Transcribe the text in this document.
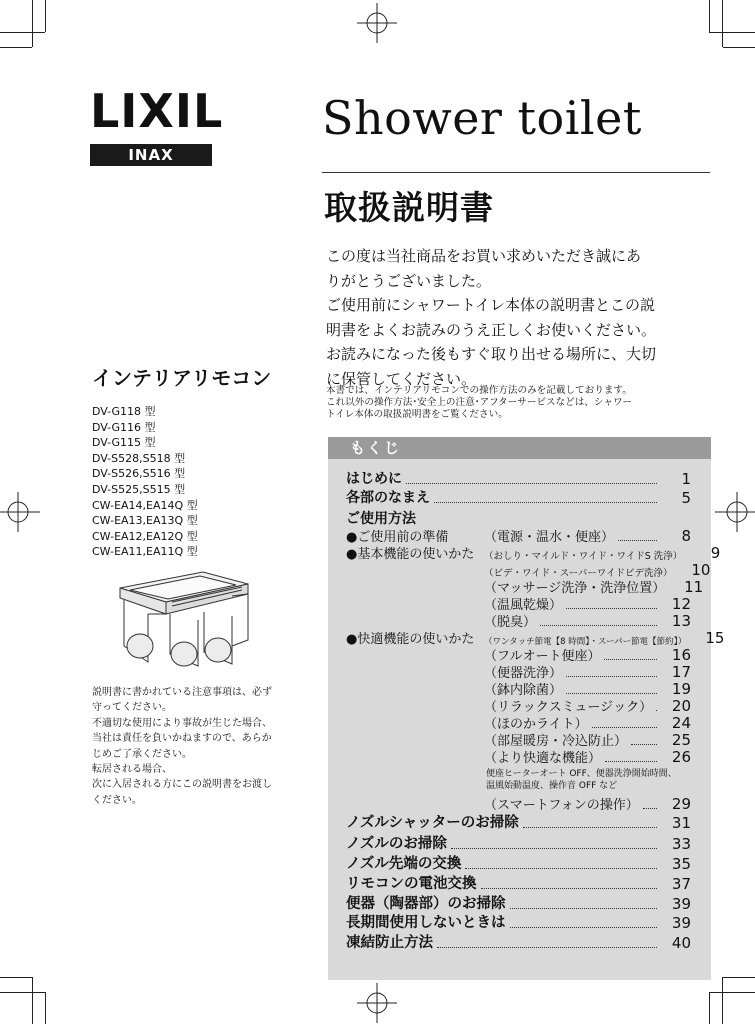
LIXIL
INAX
Shower toilet
取扱説明書

この度は当社商品をお買い求めいただき誠にあ

りがとうございました。

ご使用前にシャワートイレ本体の説明書とこの説

明書をよくお読みのうえ正しくお使いください。

お読みになった後もすぐ取り出せる場所に、大切

に保管してください。

本書では、インテリアリモコンでの操作方法のみを記載しております。

これ以外の操作方法･安全上の注意･アフターサービスなどは、シャワー

トイレ本体の取扱説明書をご覧ください。

インテリアリモコン
DV-G118 型
DV-G116 型
DV-G115 型
DV-S528,S518 型
DV-S526,S516 型
DV-S525,S515 型
CW-EA14,EA14Q 型
CW-EA13,EA13Q 型
CW-EA12,EA12Q 型
CW-EA11,EA11Q 型

説明書に書かれている注意事項は、必ず

守ってください。

不適切な使用により事故が生じた場合、

当社は責任を負いかねますので、あらか

じめご了承ください。

転居される場合、

次に入居される方にこの説明書をお渡し

ください。

もくじ
はじめに	1
各部のなまえ	5
ご使用方法
●ご使用前の準備	（電源・温水・便座）	8
●基本機能の使いかた	（おしり・マイルド・ワイド・ワイドS 洗浄）	9
（ビデ・ワイド・スーパーワイドビデ洗浄）	10
（マッサージ洗浄・洗浄位置）	11
（温風乾燥）	12
（脱臭）	13
●快適機能の使いかた	（ワンタッチ節電【8 時間】・スーパー節電【節約】）	15
（フルオート便座）	16
（便器洗浄）	17
（鉢内除菌）	19
（リラックスミュージック）	20
（ほのかライト）	24
（部屋暖房・冷込防止）	25
（より快適な機能）	26
便座ヒーターオート OFF、便器洗浄開始時間、
温風始動温度、操作音 OFF など
（スマートフォンの操作）	29
ノズルシャッターのお掃除	31
ノズルのお掃除	33
ノズル先端の交換	35
リモコンの電池交換	37
便器（陶器部）のお掃除	39
長期間使用しないときは	39
凍結防止方法	40
